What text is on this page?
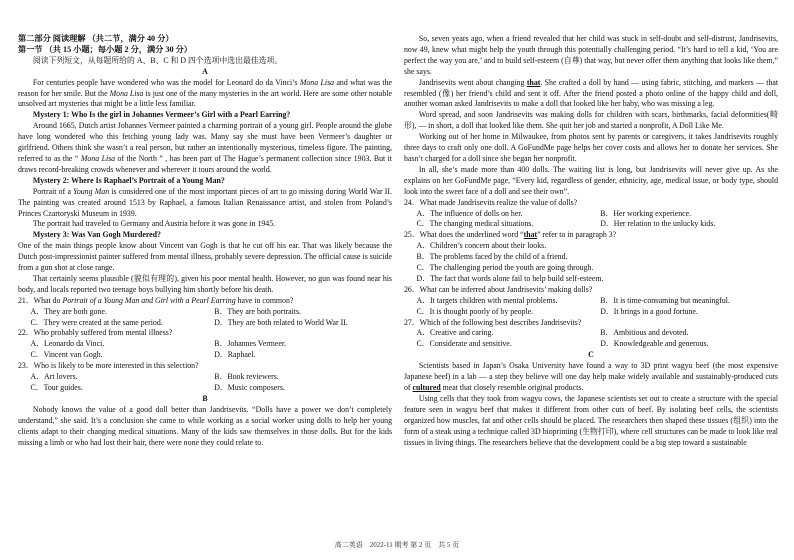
第二部分 阅读理解 （共二节，满分 40 分）

第一节 （共 15 小题；每小题 2 分，满分 30 分）

阅读下列短文，从每题所给的 A、B、C 和 D 四个选项中选出最佳选项。

A

For centuries people have wondered who was the model for Leonard do da Vinci’s Mona Lisa and what was the reason for her smile. But the Mona Lisa is just one of the many mysteries in the art world. Here are some other notable unsolved art mysteries that might be a little less familiar.

Mystery 1: Who Is the girl in Johannes Vermeer’s Girl with a Pearl Earring?

Around 1665, Dutch artist Johannes Vermeer painted a charming portrait of a young girl. People around the globe have long wondered who this fetching young lady was. Many say she must have been Vermeer’s daughter or girlfriend. Others think she wasn’t a real person, but rather an intentionally mysterious, timeless figure. The painting, referred to as the “ Mona Lisa of the North ” , has been part of The Hague’s permanent collection since 1903. But it draws record-breaking crowds whenever and wherever it tours around the world.

Mystery 2: Where Is Raphael’s Portrait of a Young Man?

Portrait of a Young Man is considered one of the most important pieces of art to go missing during World War II. The painting was created around 1513 by Raphael, a famous Italian Renaissance artist, and stolen from Poland’s Princes Czartoryski Museum in 1939.

The portrait had traveled to Germany and Austria before it was gone in 1945.

Mystery 3: Was Van Gogh Murdered?

One of the main things people know about Vincent van Gogh is that he cut off his ear. That was likely because the Dutch post-impressionist painter suffered from mental illness, probably severe depression. The official cause is suicide from a gun shot at close range.

That certainly seems plausible (貌似有理的), given his poor mental health. However, no gun was found near his body, and locals reported two teenage boys bullying him shortly before his death.

21．What do Portrait of a Young Man and Girl with a Pearl Earring have in common?

A．They are both gone.	B．They are both portraits.
C．They were created at the same period.	D．They are both related to World War II.

22．Who probably suffered from mental illness?

A．Leonardo da Vinci.	B．Johannes Vermeer.
C．Vincent van Gogh.	D．Raphael.

23．Who is likely to be more interested in this selection?

A．Art lovers.	B．Book reviewers.
C．Tour guides.	D．Music composers.

B

Nobody knows the value of a good doll better than Jandrisevits. “Dolls have a power we don’t completely understand,” she said. It’s a conclusion she came to while working as a social worker using dolls to help her young clients adapt to their changing medical situations. Many of the kids saw themselves in those dolls. But for the kids missing a limb or who had lost their hair, there were none they could relate to.

So, seven years ago, when a friend revealed that her child was stuck in self-doubt and self-distrust, Jandrisevits, now 49, knew what might help the youth through this potentially challenging period. “It’s hard to tell a kid, ‘You are perfect the way you are,’ and to build self-esteem (自尊) that way, but never offer them anything that looks like them,” she says.

Jandrisevits went about changing that. She crafted a doll by hand — using fabric, stitching, and markers — that resembled (像) her friend’s child and sent it off. After the friend posted a photo online of the happy child and doll, another woman asked Jandrisevits to make a doll that looked like her baby, who was missing a leg.

Word spread, and soon Jandrisevits was making dolls for children with scars, birthmarks, facial deformities(畸形), — in short, a doll that looked like them. She quit her job and started a nonprofit, A Doll Like Me.

Working out of her home in Milwaukee, from photos sent by parents or caregivers, it takes Jandrisevits roughly three days to craft only one doll. A GoFundMe page helps her cover costs and allows her to donate her services. She hasn’t charged for a doll since she began her nonprofit.

In all, she’s made more than 400 dolls. The waiting list is long, but Jandrisevits will never give up. As she explains on her GoFundMe page, “Every kid, regardless of gender, ethnicity, age, medical issue, or body type, should look into the sweet face of a doll and see their own”.

24．What made Jandrisevits realize the value of dolls?

A．The influence of dolls on her.	B．Her working experience.
C．The changing medical situations.	D．Her relation to the unlucky kids.

25．What does the underlined word “that” refer to in paragraph 3?

A．Children’s concern about their looks.
B．The problems faced by the child of a friend.
C．The challenging period the youth are going through.
D．The fact that words alone fail to help build self-esteem.

26．What can be inferred about Jandrisevits’ making dolls?

A．It targets children with mental problems.	B．It is time-consuming but meaningful.
C．It is thought poorly of by people.	D．It brings in a good fortune.

27．Which of the following best describes Jandrisevits?

A．Creative and caring.	B．Ambitious and devoted.
C．Considerate and sensitive.	D．Knowledgeable and generous.

C

Scientists based in Japan’s Osaka University have found a way to 3D print wagyu beef (the most expensive Japanese beef) in a lab — a step they believe will one day help make widely available and sustainably-produced cuts of cultured meat that closely resemble original products.

Using cells that they took from wagyu cows, the Japanese scientists set out to create a structure with the special feature seen in wagyu beef that makes it different from other cuts of beef. By isolating beef cells, the scientists organized how muscles, fat and other cells should be placed. The researchers then shaped these tissues (组织) into the form of a steak using a technique called 3D bioprinting (生物打印), where cell structures can be made to look like real tissues in living things. The researchers believe that the development could be a big step toward a sustainable

高二英语　2022-11 期考 第 2 页　共 5 页
